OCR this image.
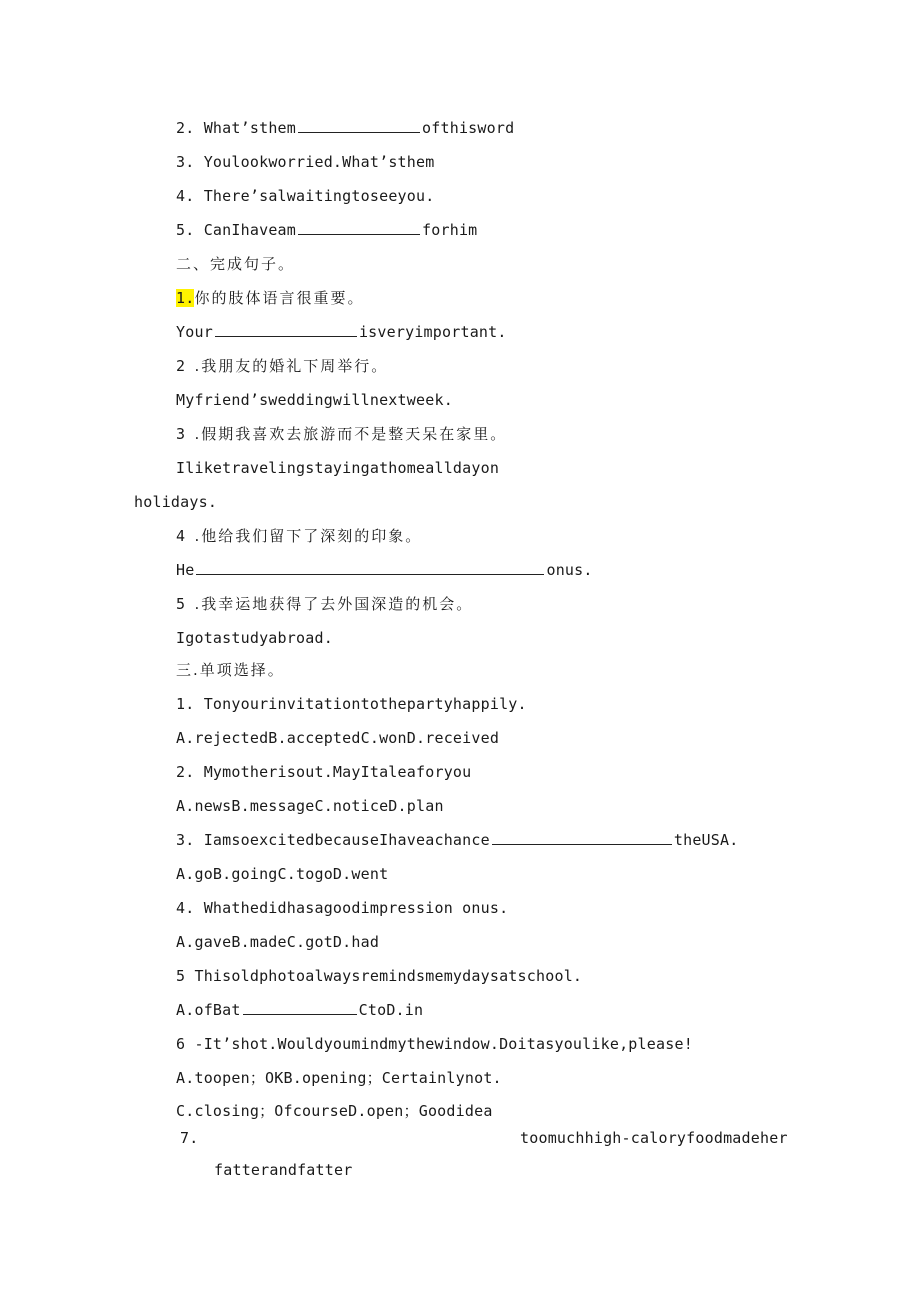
2. What’sthem	ofthisword
3. Youlookworried.What’sthem
4. There’salwaitingtoseeyou.
5. CanIhaveam	forhim
二、完成句子。
1.你的肢体语言很重要。
Your	isveryimportant.
2 .我朋友的婚礼下周举行。
Myfriend’sweddingwillnextweek.
3 .假期我喜欢去旅游而不是整天呆在家里。
Iliketravelingstayingathomealldayon
holidays.
4 .他给我们留下了深刻的印象。
He	onus.
5 .我幸运地获得了去外国深造的机会。
Igotastudyabroad.
三.单项选择。
1. Tonyourinvitationtothepartyhappily.
A.rejectedB.acceptedC.wonD.received
2. Mymotherisout.MayItaleaforyou
A.newsB.messageC.noticeD.plan
3. IamsoexcitedbecauseIhaveachance	theUSA.
A.goB.goingC.togoD.went
4. Whathedidhasagoodimpression onus.
A.gaveB.madeC.gotD.had
5 Thisoldphotoalwaysremindsmemydaysatschool.
A.ofBat	CtoD.in
6 -It’shot.Wouldyoumindmythewindow.Doitasyoulike,please!
A.toopen；OKB.opening；Certainlynot.
C.closing；OfcourseD.open；Goodidea
7.	toomuchhigh-caloryfoodmadeher
fatterandfatter
